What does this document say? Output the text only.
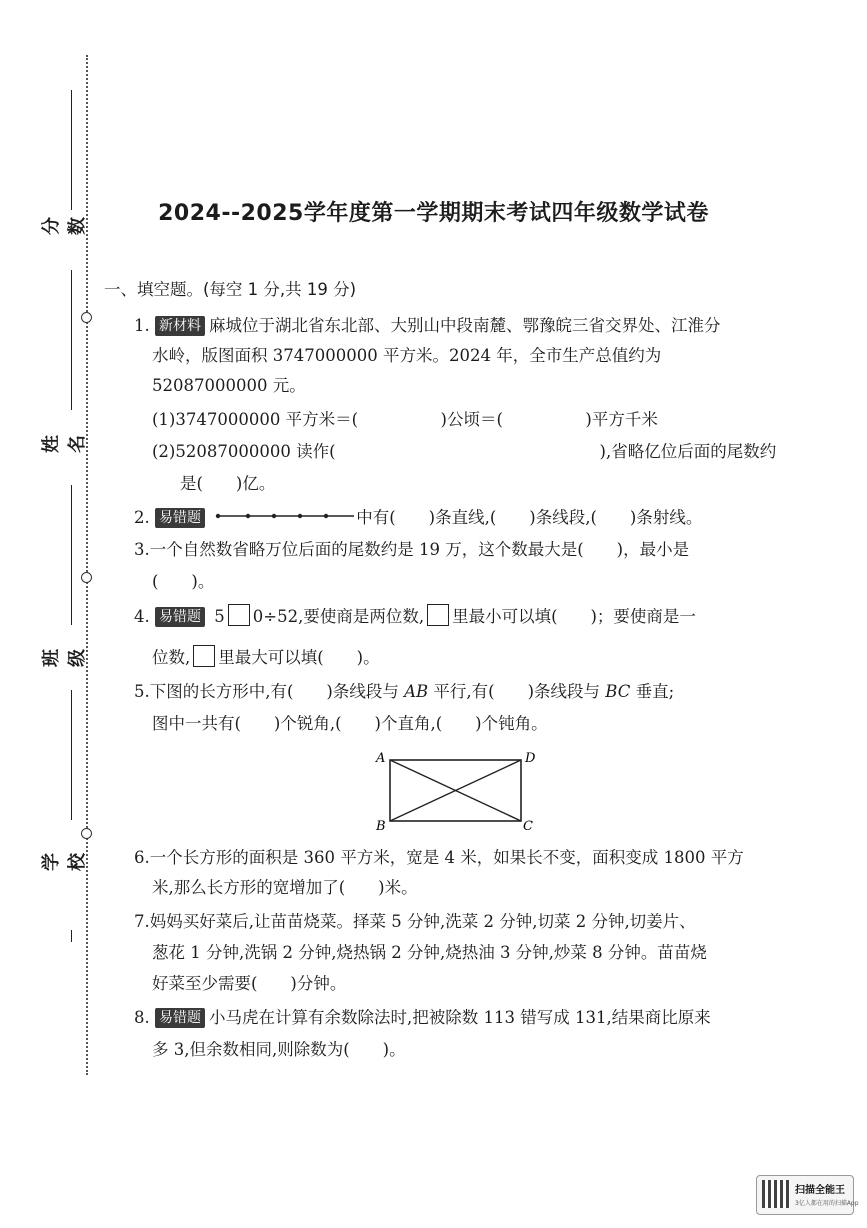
分数
姓名
班级
学校
2024--2025学年度第一学期期末考试四年级数学试卷
一、填空题。(每空 1 分,共 19 分)
1. 新材料 麻城位于湖北省东北部、大别山中段南麓、鄂豫皖三省交界处、江淮分
水岭，版图面积 3747000000 平方米。2024 年，全市生产总值约为
52087000000 元。
(1)3747000000 平方米＝(　　　　　)公顷＝(　　　　　)平方千米
(2)52087000000 读作(　　　　　　　　　　　　　　　　),省略亿位后面的尾数约
是(　　)亿。
2. 易错题	中有(　　)条直线,(　　)条线段,(　　)条射线。
3.一个自然数省略万位后面的尾数约是 19 万，这个数最大是(　　)，最小是
(　　)。
4. 易错题 5 0÷52,要使商是两位数, 里最小可以填(　　)；要使商是一
位数, 里最大可以填(　　)。
5.下图的长方形中,有(　　)条线段与 AB 平行,有(　　)条线段与 BC 垂直;
图中一共有(　　)个锐角,(　　)个直角,(　　)个钝角。
A	D
B	C
6.一个长方形的面积是 360 平方米，宽是 4 米，如果长不变，面积变成 1800 平方
米,那么长方形的宽增加了(　　)米。
7.妈妈买好菜后,让苗苗烧菜。择菜 5 分钟,洗菜 2 分钟,切菜 2 分钟,切姜片、
葱花 1 分钟,洗锅 2 分钟,烧热锅 2 分钟,烧热油 3 分钟,炒菜 8 分钟。苗苗烧
好菜至少需要(　　)分钟。
8. 易错题 小马虎在计算有余数除法时,把被除数 113 错写成 131,结果商比原来
多 3,但余数相同,则除数为(　　)。
扫描全能王
3亿人都在用的扫描App
